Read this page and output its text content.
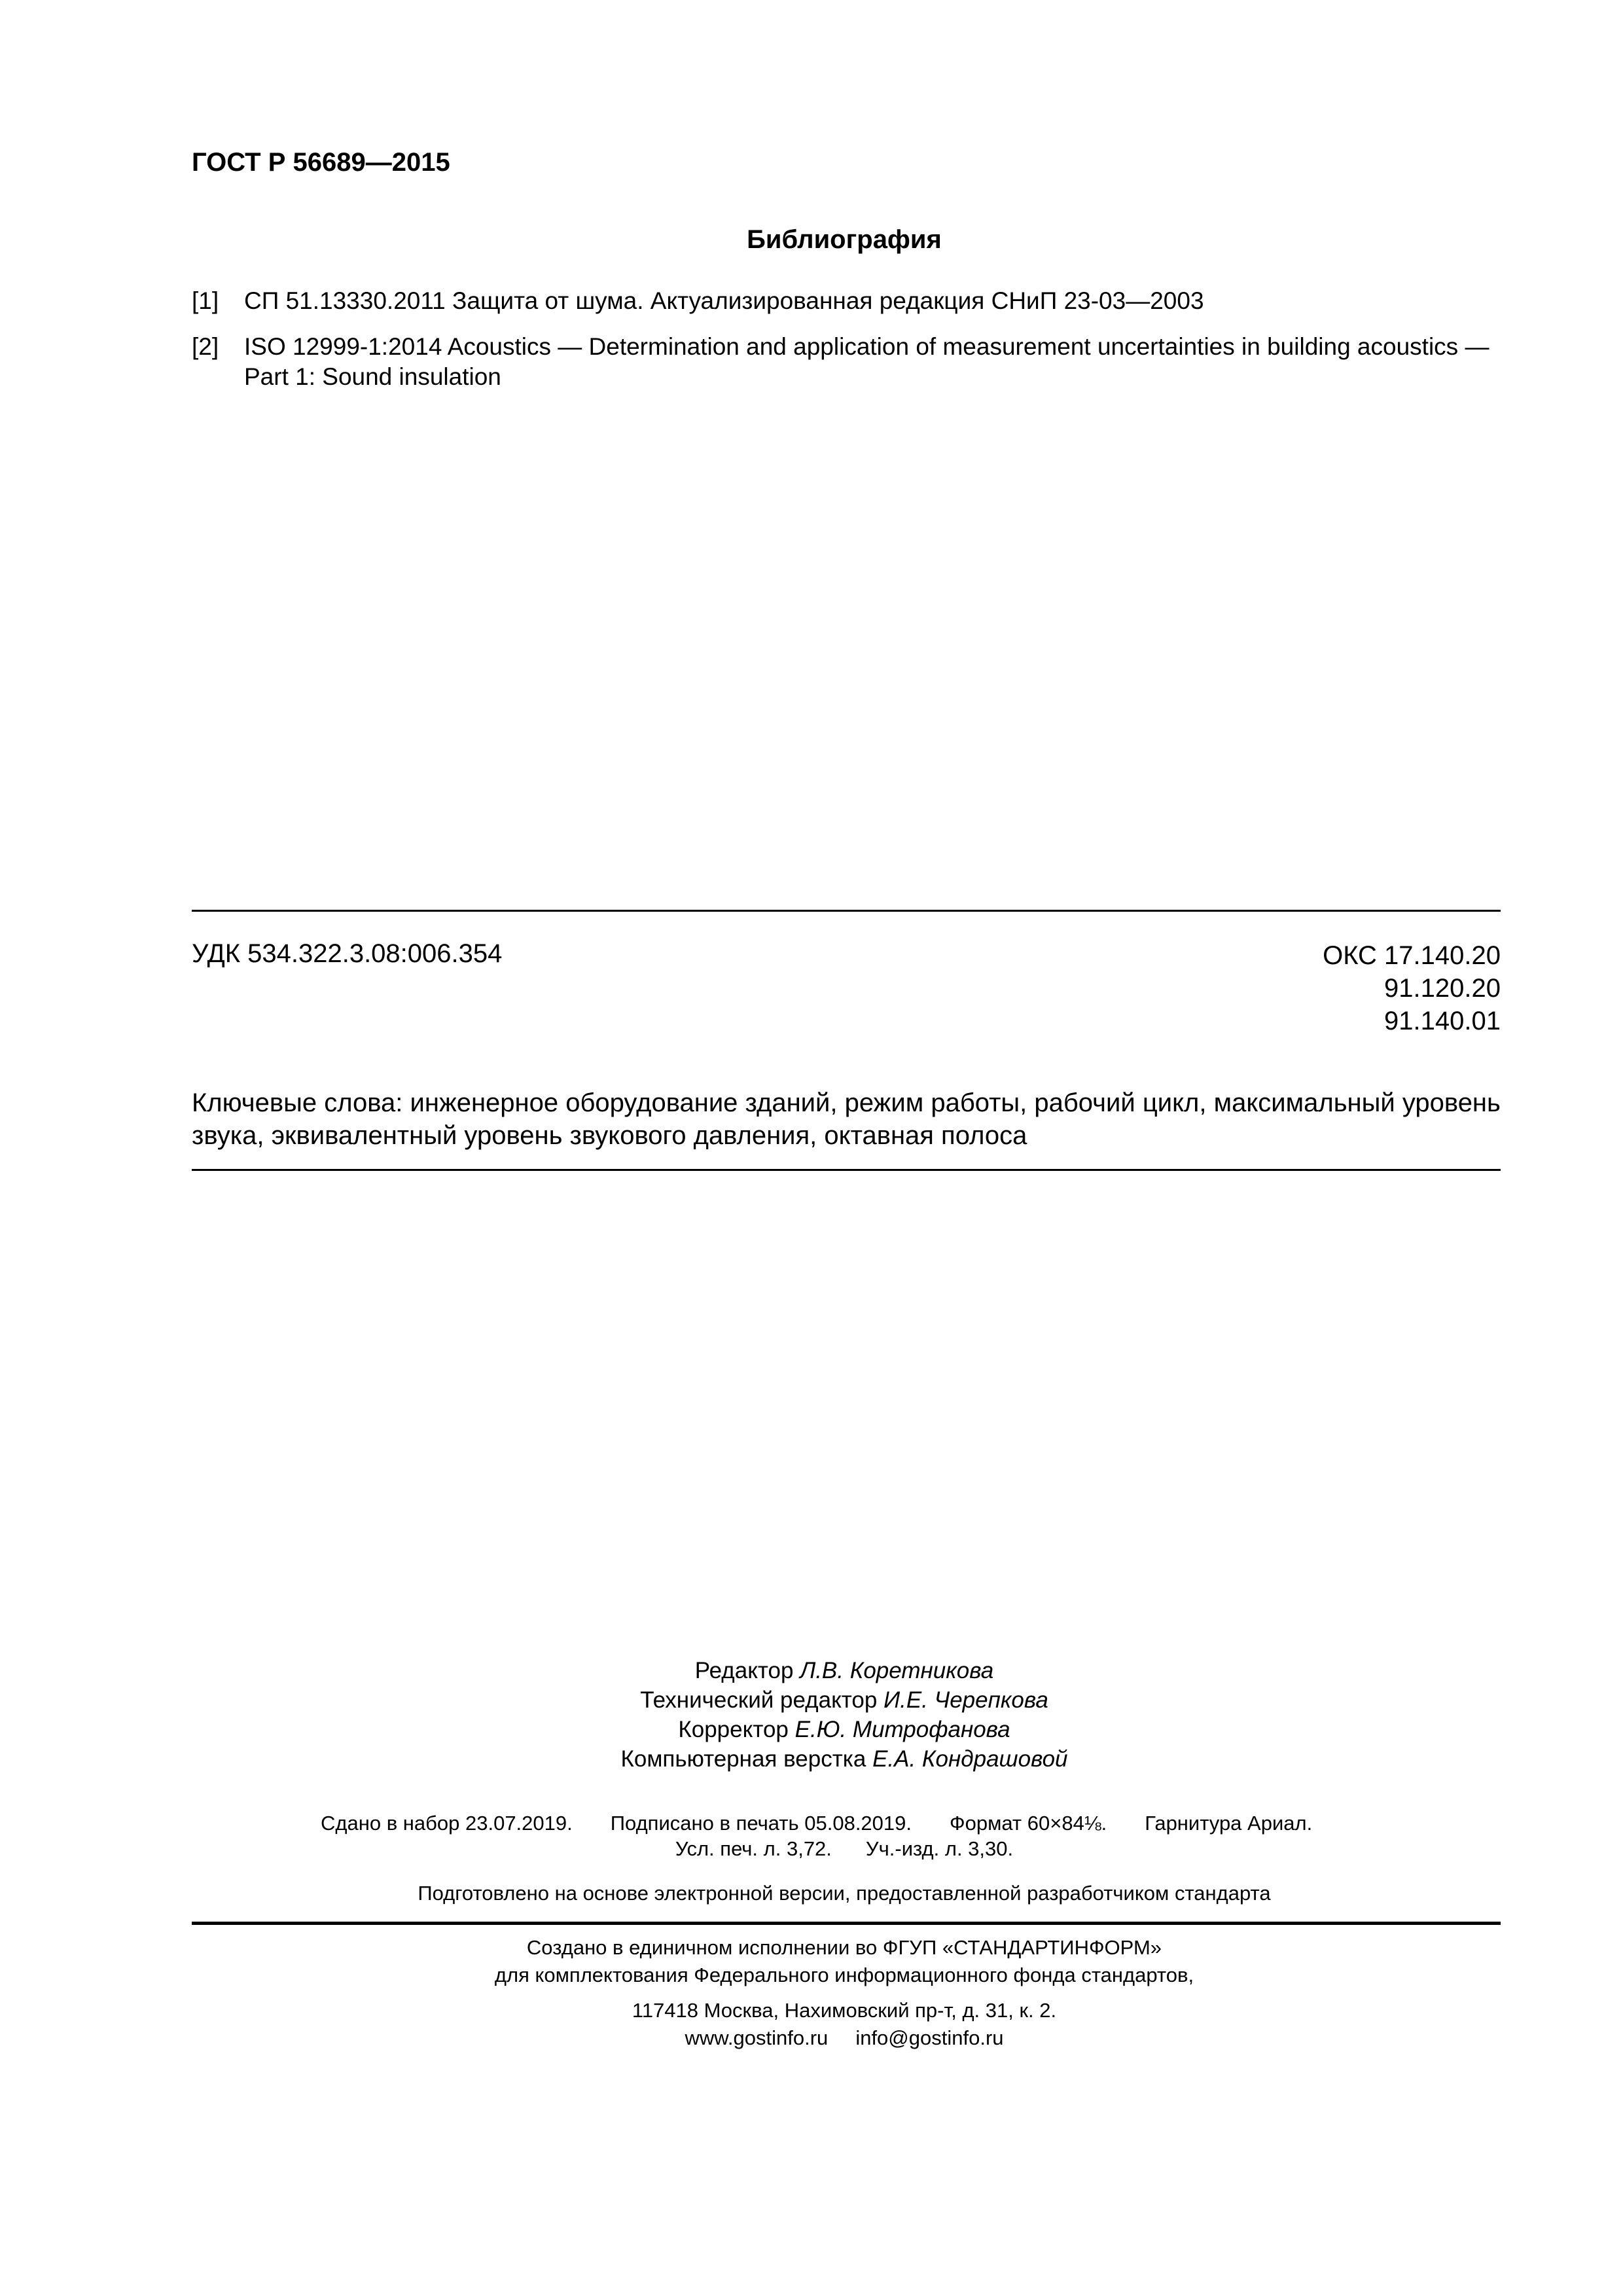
ГОСТ Р 56689—2015
Библиография
[1]	СП 51.13330.2011 Защита от шума. Актуализированная редакция СНиП 23-03—2003
[2]	ISO 12999-1:2014 Acoustics — Determination and application of measurement uncertainties in building acoustics — Part 1: Sound insulation
УДК 534.322.3.08:006.354	ОКС 17.140.20
91.120.20
91.140.01
Ключевые слова: инженерное оборудование зданий, режим работы, рабочий цикл, максимальный уровень звука, эквивалентный уровень звукового давления, октавная полоса
Редактор Л.В. Коретникова
Технический редактор И.Е. Черепкова
Корректор Е.Ю. Митрофанова
Компьютерная верстка Е.А. Кондрашовой
Сдано в набор 23.07.2019. Подписано в печать 05.08.2019. Формат 60×84⅛. Гарнитура Ариал.
Усл. печ. л. 3,72. Уч.-изд. л. 3,30.
Подготовлено на основе электронной версии, предоставленной разработчиком стандарта
Создано в единичном исполнении во ФГУП «СТАНДАРТИНФОРМ»
для комплектования Федерального информационного фонда стандартов,
117418 Москва, Нахимовский пр-т, д. 31, к. 2.
www.gostinfo.ru info@gostinfo.ru
